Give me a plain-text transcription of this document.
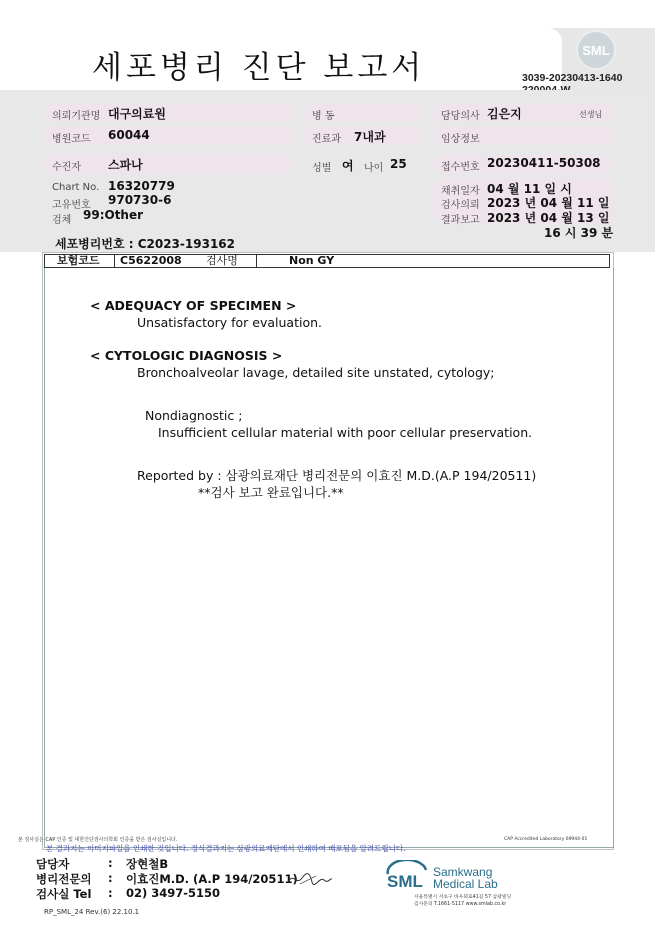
세포병리 진단 보고서	SML
3039-20230413-1640
의뢰기관명 대구의료원	병 동	담당의사 김은지	선생님
병원코드 60044	진료과 7내과	임상정보
수진자 스파나	성별 여 나이 25	접수번호 20230411-50308
Chart No. 16320779
고유번호 970730-6
검체 99:Other
채취일자 04 월 11 일 시
검사의뢰 2023 년 04 월 11 일
결과보고 2023 년 04 월 13 일
16 시 39 분
세포병리번호 : C2023-193162
보험코드 C5622008 검사명	Non GY
< ADEQUACY OF SPECIMEN >
Unsatisfactory for evaluation.
< CYTOLOGIC DIAGNOSIS >
Bronchoalveolar lavage, detailed site unstated, cytology;
Nondiagnostic ;
Insufficient cellular material with poor cellular preservation.
Reported by : 삼광의료재단 병리전문의 이효진 M.D.(A.P 194/20511)
**검사 보고 완료입니다.**
본 검사실은 CAP 인증 및 대한진단검사의학회 인증을 받은 검사실입니다.
본 결과지는 이미지파일을 인쇄한 것입니다. 정식결과지는 삼광의료재단에서 인쇄하여 배포됨을 알려드립니다.
CAP Accredited Laboratory 69944-01
담당자	: 장현철B
병리전문의 : 이효진M.D. (A.P 194/20511)
검사실 Tel : 02) 3497-5150
SML Samkwang
Medical Lab
서울특별시 서초구 바우뫼로41길 57 삼광빌딩
검사문의 T.1661-5117 www.smlab.co.kr
RP_SML_24 Rev.(6) 22.10.1
